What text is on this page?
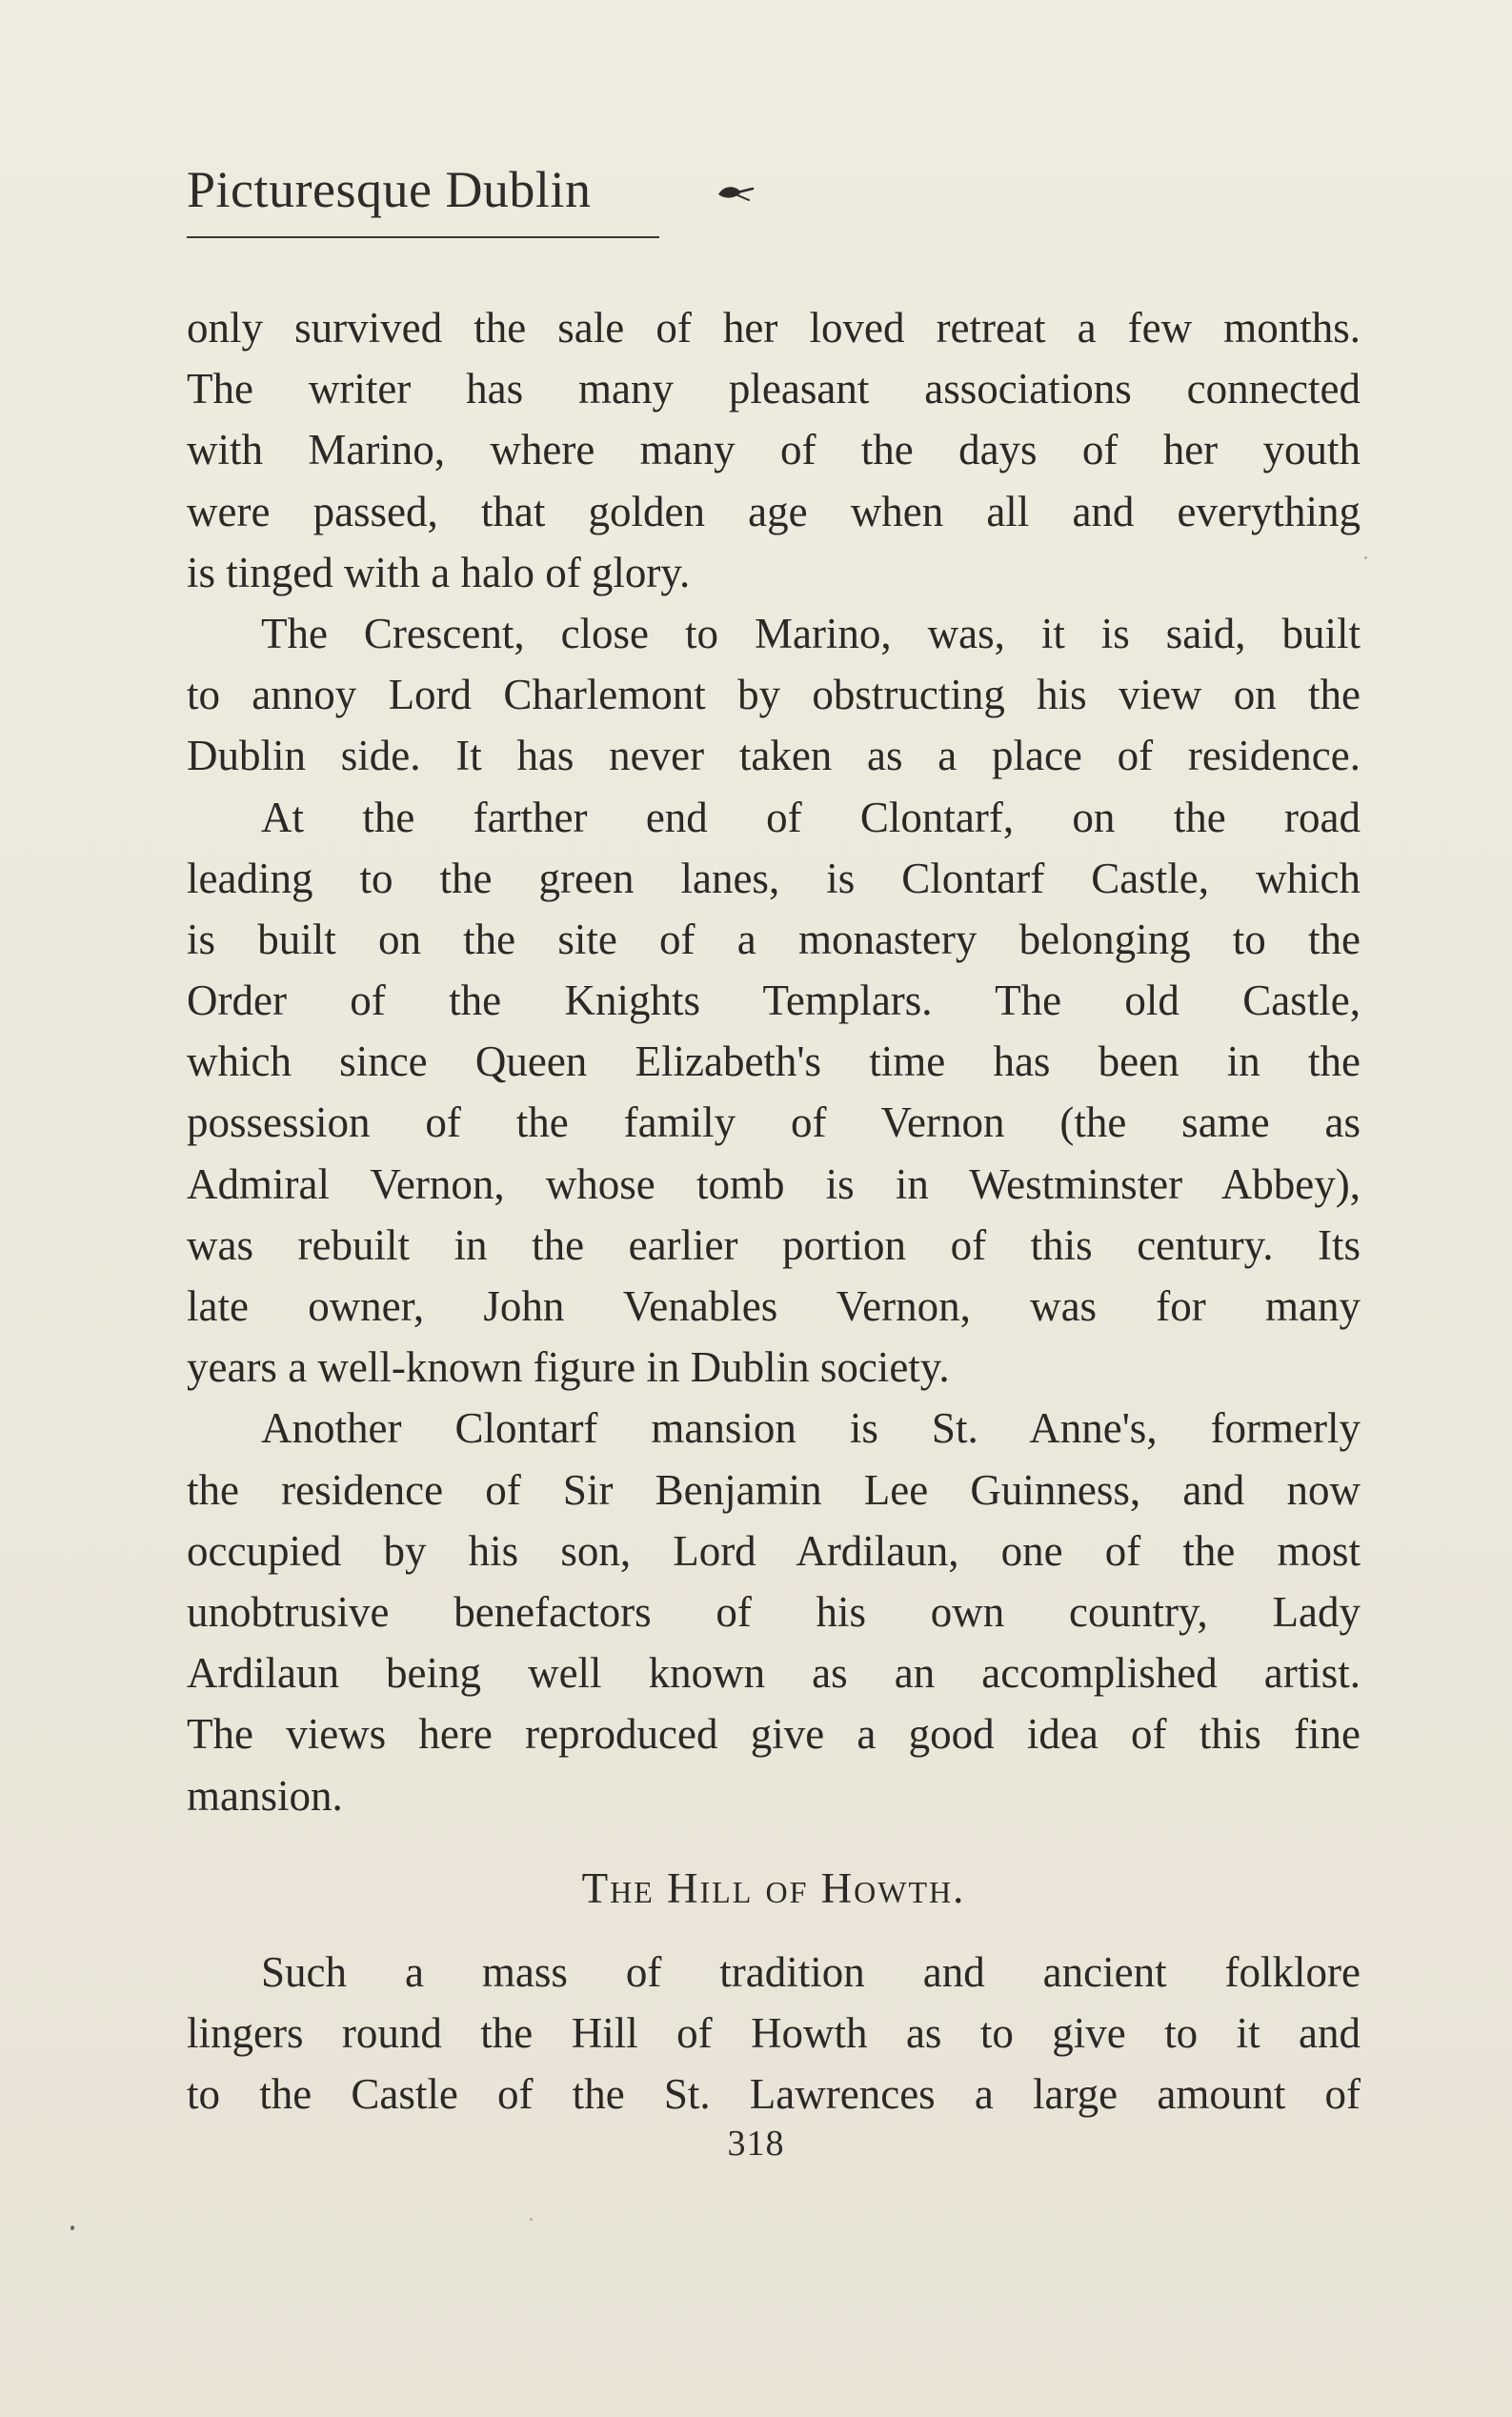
Picturesque Dublin
only survived the sale of her loved retreat a few months.
The writer has many pleasant associations connected
with Marino, where many of the days of her youth
were passed, that golden age when all and everything
is tinged with a halo of glory.
The Crescent, close to Marino, was, it is said, built
to annoy Lord Charlemont by obstructing his view on the
Dublin side. It has never taken as a place of residence.
At the farther end of Clontarf, on the road
leading to the green lanes, is Clontarf Castle, which
is built on the site of a monastery belonging to the
Order of the Knights Templars. The old Castle,
which since Queen Elizabeth's time has been in the
possession of the family of Vernon (the same as
Admiral Vernon, whose tomb is in Westminster Abbey),
was rebuilt in the earlier portion of this century. Its
late owner, John Venables Vernon, was for many
years a well-known figure in Dublin society.
Another Clontarf mansion is St. Anne's, formerly
the residence of Sir Benjamin Lee Guinness, and now
occupied by his son, Lord Ardilaun, one of the most
unobtrusive benefactors of his own country, Lady
Ardilaun being well known as an accomplished artist.
The views here reproduced give a good idea of this fine
mansion.
The Hill of Howth.
Such a mass of tradition and ancient folklore
lingers round the Hill of Howth as to give to it and
to the Castle of the St. Lawrences a large amount of
318
